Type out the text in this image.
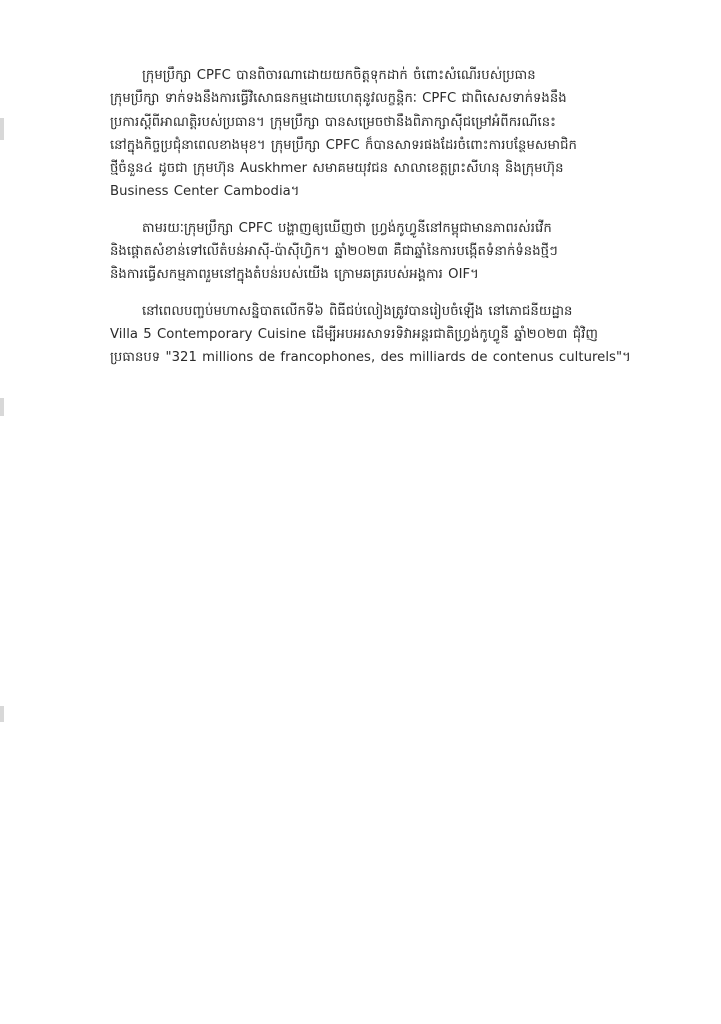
ក្រុមប្រឹក្សា CPFC បានពិចារណាដោយយកចិត្តទុកដាក់ ចំពោះសំណើរបស់ប្រធាន
ក្រុមប្រឹក្សា ទាក់ទងនឹងការធ្វើវិសោធនកម្មដោយហេតុនូវលក្ខន្តិកៈ CPFC ជាពិសេសទាក់ទងនឹង
ប្រការស្តីពីអាណត្តិរបស់ប្រធាន។ ក្រុមប្រឹក្សា បានសម្រេចថានឹងពិភាក្សាស៊ីជម្រៅអំពីករណីនេះ
នៅក្នុងកិច្ចប្រជុំនាពេលខាងមុខ។ ក្រុមប្រឹក្សា CPFC ក៏បានសាទរផងដែរចំពោះការបន្ថែមសមាជិក
ថ្មីចំនួន៤ ដូចជា ក្រុមហ៊ុន Auskhmer សមាគមយុវជន សាលាខេត្តព្រះសីហនុ និងក្រុមហ៊ុន
Business Center Cambodia។

តាមរយៈក្រុមប្រឹក្សា CPFC បង្ហាញឲ្យឃើញថា ហ្វ្រង់កូហ្វូនីនៅកម្ពុជាមានភាពរស់រវើក
និងផ្ដោតសំខាន់ទៅលើតំបន់អាស៊ី-ប៉ាស៊ីហ្វិក។ ឆ្នាំ២០២៣ គឺជាឆ្នាំនៃការបង្កើតទំនាក់ទំនងថ្មីៗ
និងការធ្វើសកម្មភាពរួមនៅក្នុងតំបន់របស់យើង ក្រោមឆត្ររបស់អង្គការ OIF។

នៅពេលបញ្ចប់មហាសន្និបាតលើកទី៦ ពិធីជប់លៀងត្រូវបានរៀបចំឡើង នៅភោជនីយដ្ឋាន
Villa 5 Contemporary Cuisine ដើម្បីអបអរសាទរទិវាអន្តរជាតិហ្វ្រង់កូហ្វូនី ឆ្នាំ២០២៣ ជុំវិញ
ប្រធានបទ "321 millions de francophones, des milliards de contenus culturels"។
